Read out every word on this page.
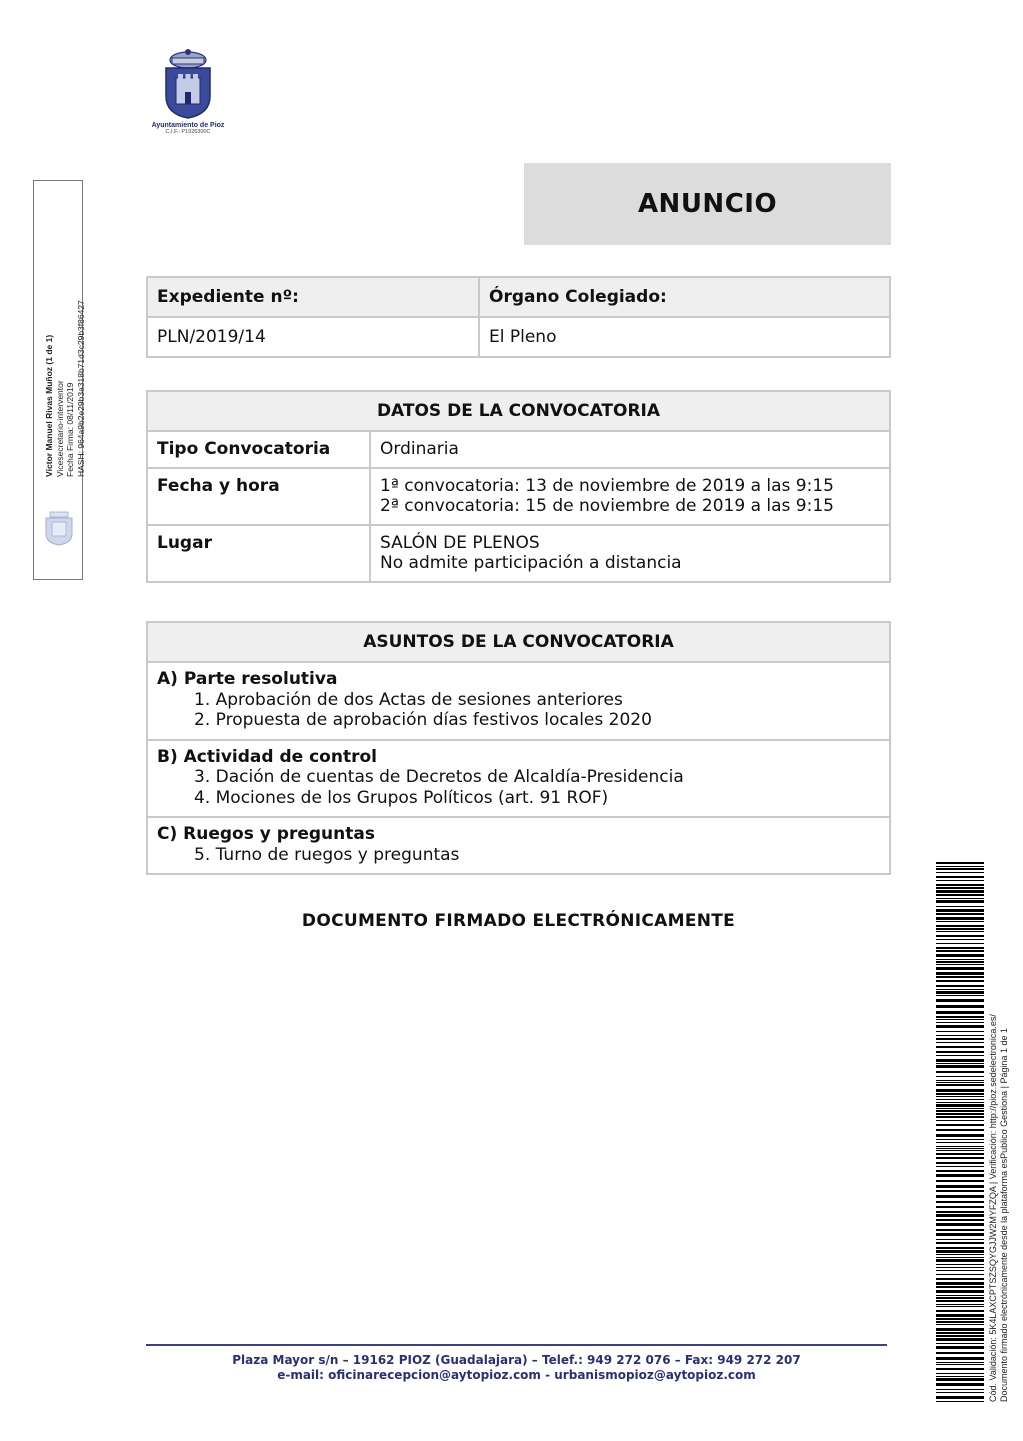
Ayuntamiento de Pioz
C.I.F.: P1926300C
Víctor Manuel Rivas Muñoz (1 de 1) Vicesecretario-interventor Fecha Firma: 08/11/2019 HASH: 964a9b2e29b3a318b71d3c29b3f86427
ANUNCIO
Expediente nº:	Órgano Colegiado:
PLN/2019/14	El Pleno
DATOS DE LA CONVOCATORIA	
Tipo Convocatoria	Ordinaria

Fecha y hora	1ª convocatoria: 13 de noviembre de 2019 a las 9:15
2ª convocatoria: 15 de noviembre de 2019 a las 9:15

Lugar	SALÓN DE PLENOS
No admite participación a distancia
ASUNTOS DE LA CONVOCATORIA

A) Parte resolutiva
1. Aprobación de dos Actas de sesiones anteriores
2. Propuesta de aprobación días festivos locales 2020

B) Actividad de control
3. Dación de cuentas de Decretos de Alcaldía-Presidencia
4. Mociones de los Grupos Políticos (art. 91 ROF)

C) Ruegos y preguntas
5. Turno de ruegos y preguntas
DOCUMENTO FIRMADO ELECTRÓNICAMENTE
Plaza Mayor s/n – 19162 PIOZ (Guadalajara) – Telef.: 949 272 076 – Fax: 949 272 207
e-mail: oficinarecepcion@aytopioz.com - urbanismopioz@aytopioz.com	Cód. Validación: 5K4LAXCPTSZSQYGJJW2MYFZQA | Verificación: http://pioz.sedelectronica.es/ Documento firmado electrónicamente desde la plataforma esPublico Gestiona | Página 1 de 1
